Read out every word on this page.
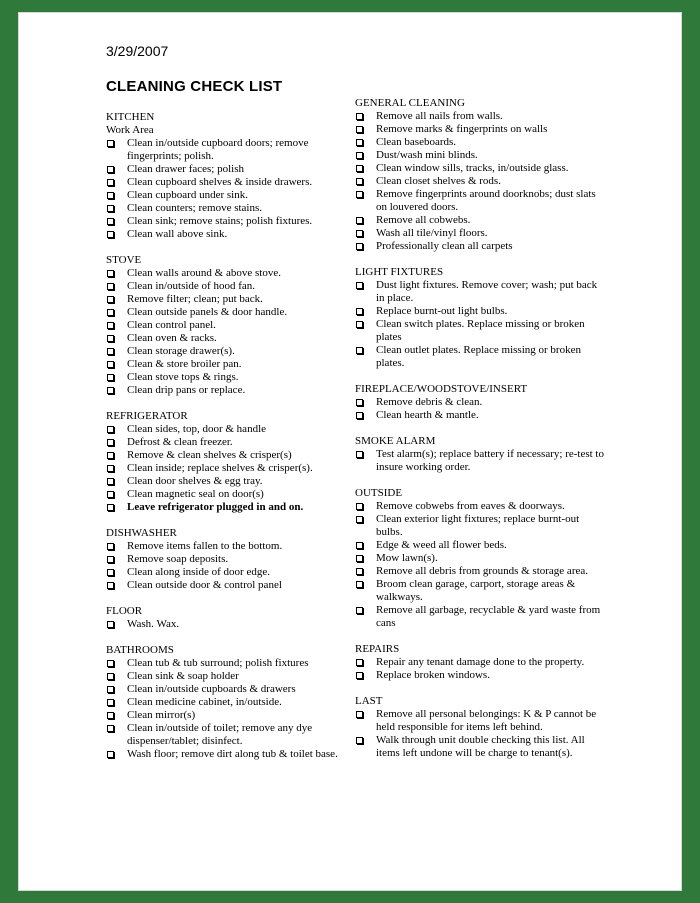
3/29/2007
CLEANING CHECK LIST
KITCHEN
Work Area
Clean in/outside cupboard doors; remove fingerprints; polish.
Clean drawer faces; polish
Clean cupboard shelves & inside drawers.
Clean cupboard under sink.
Clean counters; remove stains.
Clean sink; remove stains; polish fixtures.
Clean wall above sink.
STOVE
Clean walls around & above stove.
Clean in/outside of hood fan.
Remove filter; clean; put back.
Clean outside panels & door handle.
Clean control panel.
Clean oven & racks.
Clean storage drawer(s).
Clean & store broiler pan.
Clean stove tops & rings.
Clean drip pans or replace.
REFRIGERATOR
Clean sides, top, door & handle
Defrost & clean freezer.
Remove & clean shelves & crisper(s)
Clean inside; replace shelves & crisper(s).
Clean door shelves & egg tray.
Clean magnetic seal on door(s)
Leave refrigerator plugged in and on.
DISHWASHER
Remove items fallen to the bottom.
Remove soap deposits.
Clean along inside of door edge.
Clean outside door & control panel
FLOOR
Wash. Wax.
BATHROOMS
Clean tub & tub surround; polish fixtures
Clean sink & soap holder
Clean in/outside cupboards & drawers
Clean medicine cabinet, in/outside.
Clean mirror(s)
Clean in/outside of toilet; remove any dye dispenser/tablet; disinfect.
Wash floor; remove dirt along tub & toilet base.
GENERAL CLEANING
Remove all nails from walls.
Remove marks & fingerprints on walls
Clean baseboards.
Dust/wash mini blinds.
Clean window sills, tracks, in/outside glass.
Clean closet shelves & rods.
Remove fingerprints around doorknobs; dust slats on louvered doors.
Remove all cobwebs.
Wash all tile/vinyl floors.
Professionally clean all carpets
LIGHT FIXTURES
Dust light fixtures. Remove cover; wash; put back in place.
Replace burnt-out light bulbs.
Clean switch plates. Replace missing or broken plates
Clean outlet plates. Replace missing or broken plates.
FIREPLACE/WOODSTOVE/INSERT
Remove debris & clean.
Clean hearth & mantle.
SMOKE ALARM
Test alarm(s); replace battery if necessary; re-test to insure working order.
OUTSIDE
Remove cobwebs from eaves & doorways.
Clean exterior light fixtures; replace burnt-out bulbs.
Edge & weed all flower beds.
Mow lawn(s).
Remove all debris from grounds & storage area.
Broom clean garage, carport, storage areas & walkways.
Remove all garbage, recyclable & yard waste from cans
REPAIRS
Repair any tenant damage done to the property.
Replace broken windows.
LAST
Remove all personal belongings: K & P cannot be held responsible for items left behind.
Walk through unit double checking this list. All items left undone will be charge to tenant(s).
